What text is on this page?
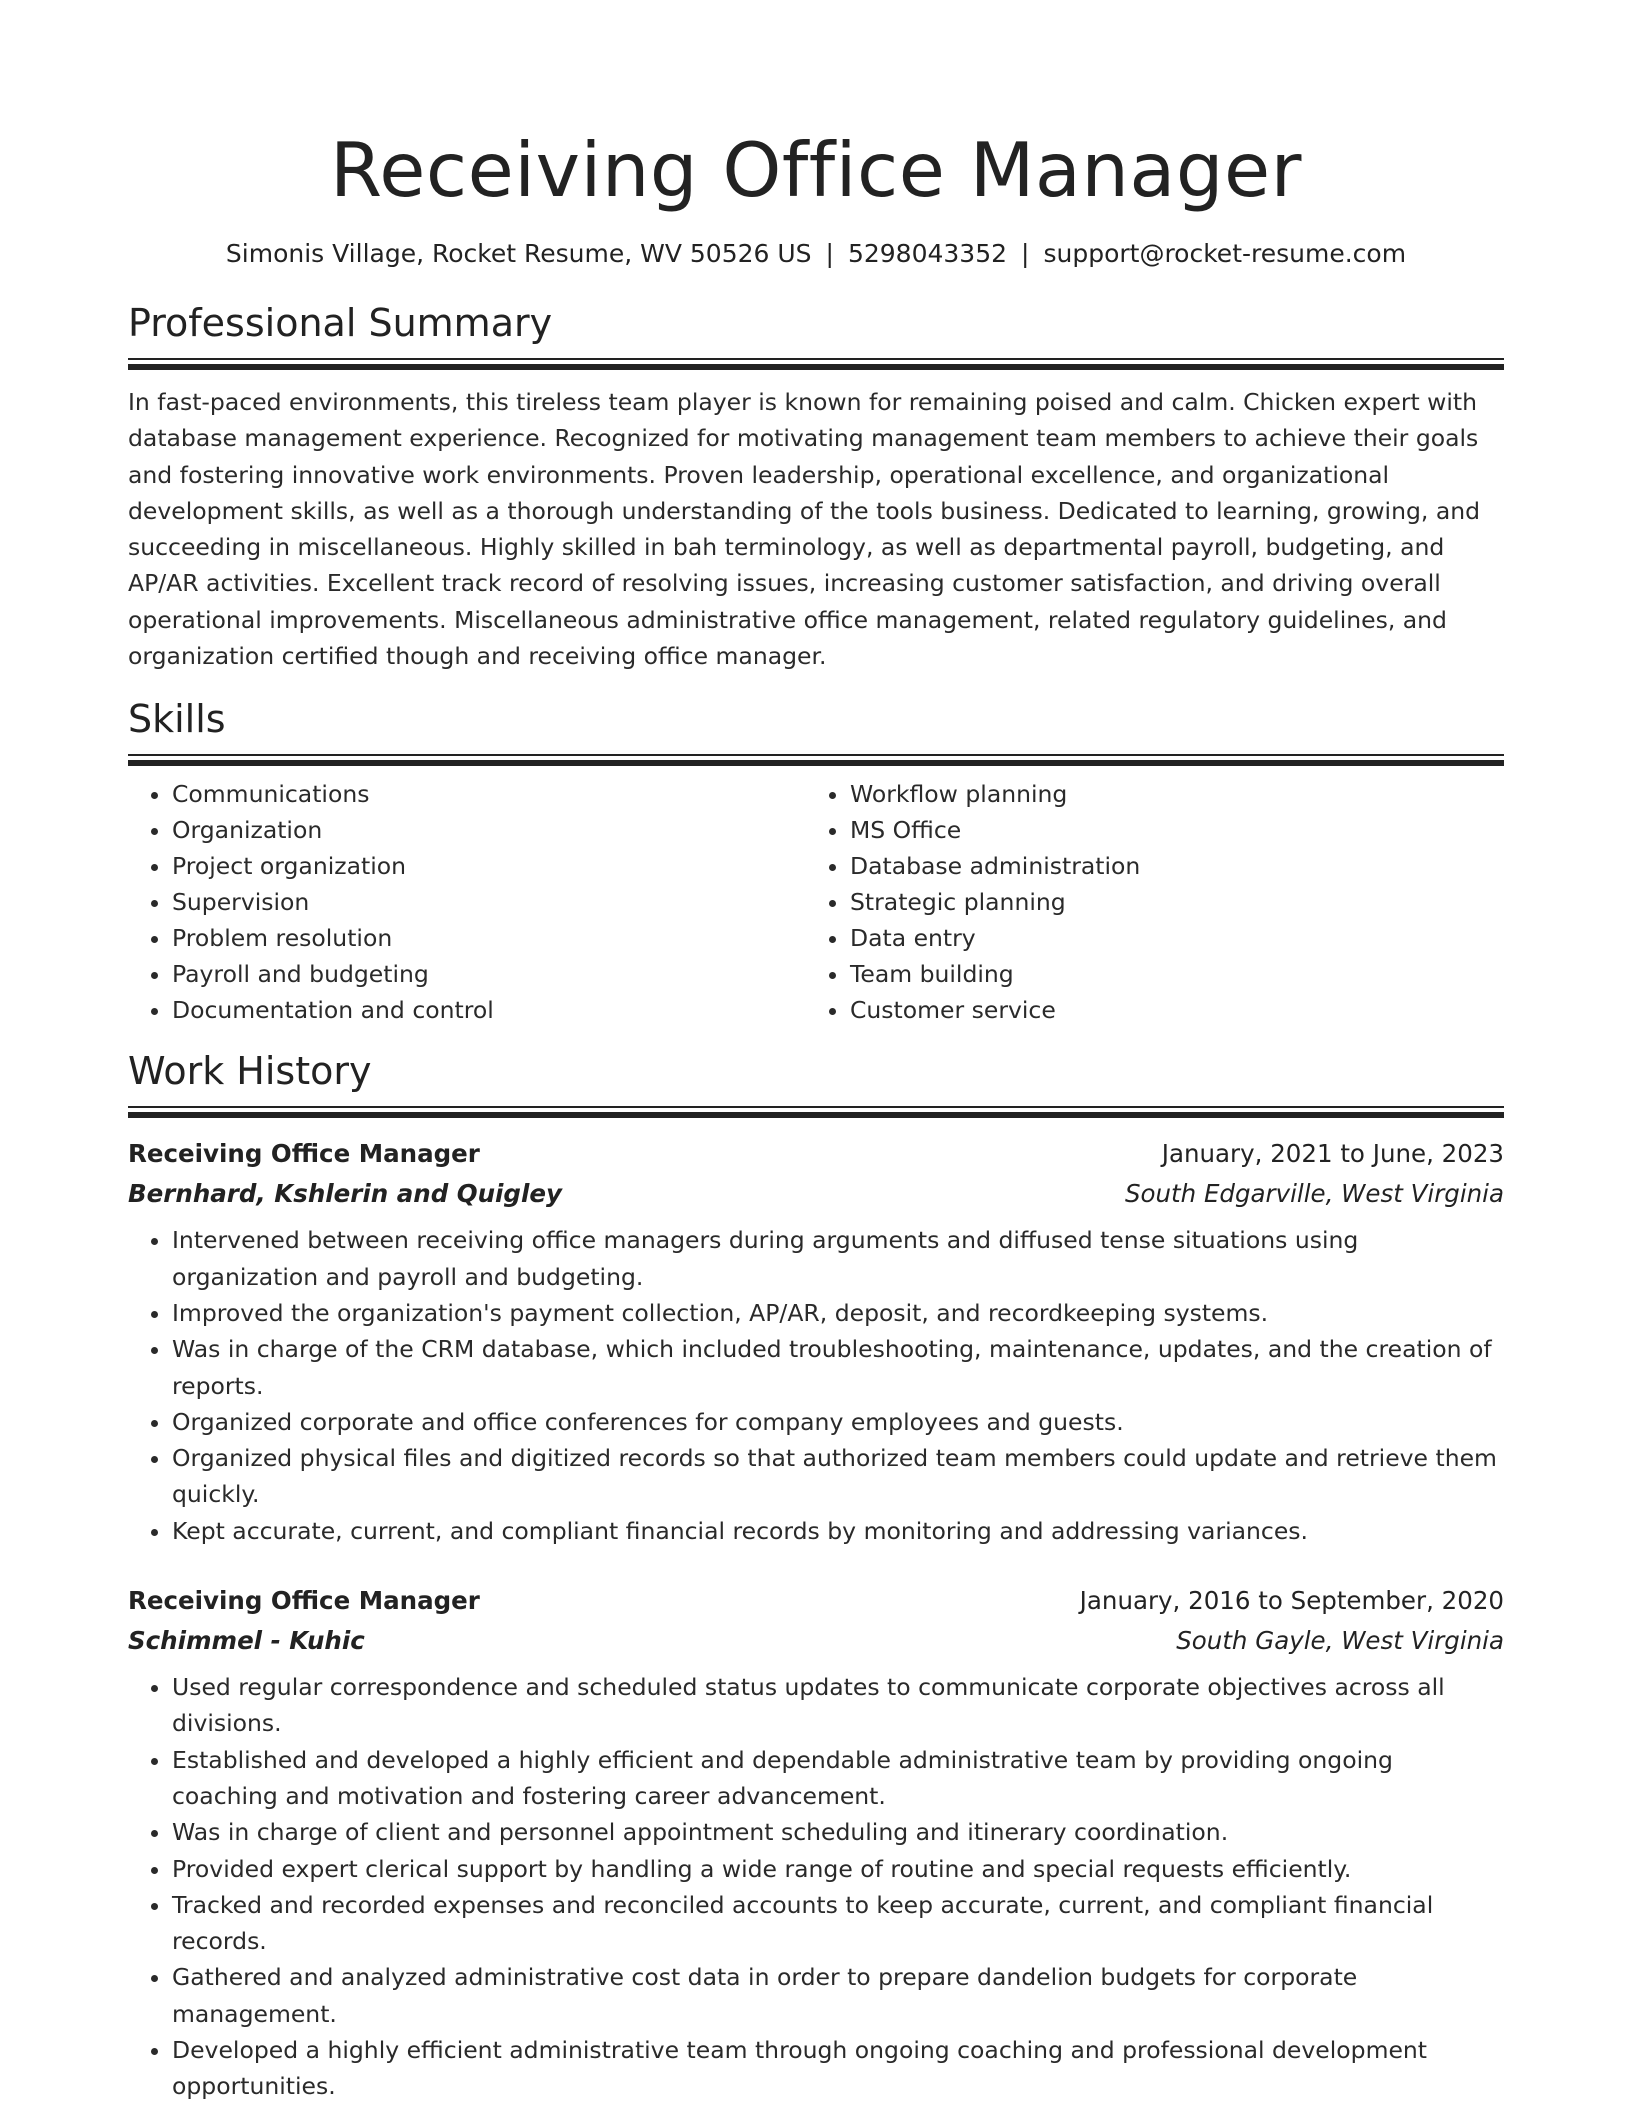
Receiving Office Manager
Simonis Village, Rocket Resume, WV 50526 US | 5298043352 | support@rocket-resume.com
Professional Summary
In fast-paced environments, this tireless team player is known for remaining poised and calm. Chicken expert with database management experience. Recognized for motivating management team members to achieve their goals and fostering innovative work environments. Proven leadership, operational excellence, and organizational development skills, as well as a thorough understanding of the tools business. Dedicated to learning, growing, and succeeding in miscellaneous. Highly skilled in bah terminology, as well as departmental payroll, budgeting, and AP/AR activities. Excellent track record of resolving issues, increasing customer satisfaction, and driving overall operational improvements. Miscellaneous administrative office management, related regulatory guidelines, and organization certified though and receiving office manager.
Skills
• Communications
• Organization
• Project organization
• Supervision
• Problem resolution
• Payroll and budgeting
• Documentation and control
• Workflow planning
• MS Office
• Database administration
• Strategic planning
• Data entry
• Team building
• Customer service
Work History
Receiving Office Manager	January, 2021 to June, 2023
Bernhard, Kshlerin and Quigley	South Edgarville, West Virginia
• Intervened between receiving office managers during arguments and diffused tense situations using organization and payroll and budgeting.
• Improved the organization's payment collection, AP/AR, deposit, and recordkeeping systems.
• Was in charge of the CRM database, which included troubleshooting, maintenance, updates, and the creation of reports.
• Organized corporate and office conferences for company employees and guests.
• Organized physical files and digitized records so that authorized team members could update and retrieve them quickly.
• Kept accurate, current, and compliant financial records by monitoring and addressing variances.
Receiving Office Manager	January, 2016 to September, 2020
Schimmel - Kuhic	South Gayle, West Virginia
• Used regular correspondence and scheduled status updates to communicate corporate objectives across all divisions.
• Established and developed a highly efficient and dependable administrative team by providing ongoing coaching and motivation and fostering career advancement.
• Was in charge of client and personnel appointment scheduling and itinerary coordination.
• Provided expert clerical support by handling a wide range of routine and special requests efficiently.
• Tracked and recorded expenses and reconciled accounts to keep accurate, current, and compliant financial records.
• Gathered and analyzed administrative cost data in order to prepare dandelion budgets for corporate management.
• Developed a highly efficient administrative team through ongoing coaching and professional development opportunities.
